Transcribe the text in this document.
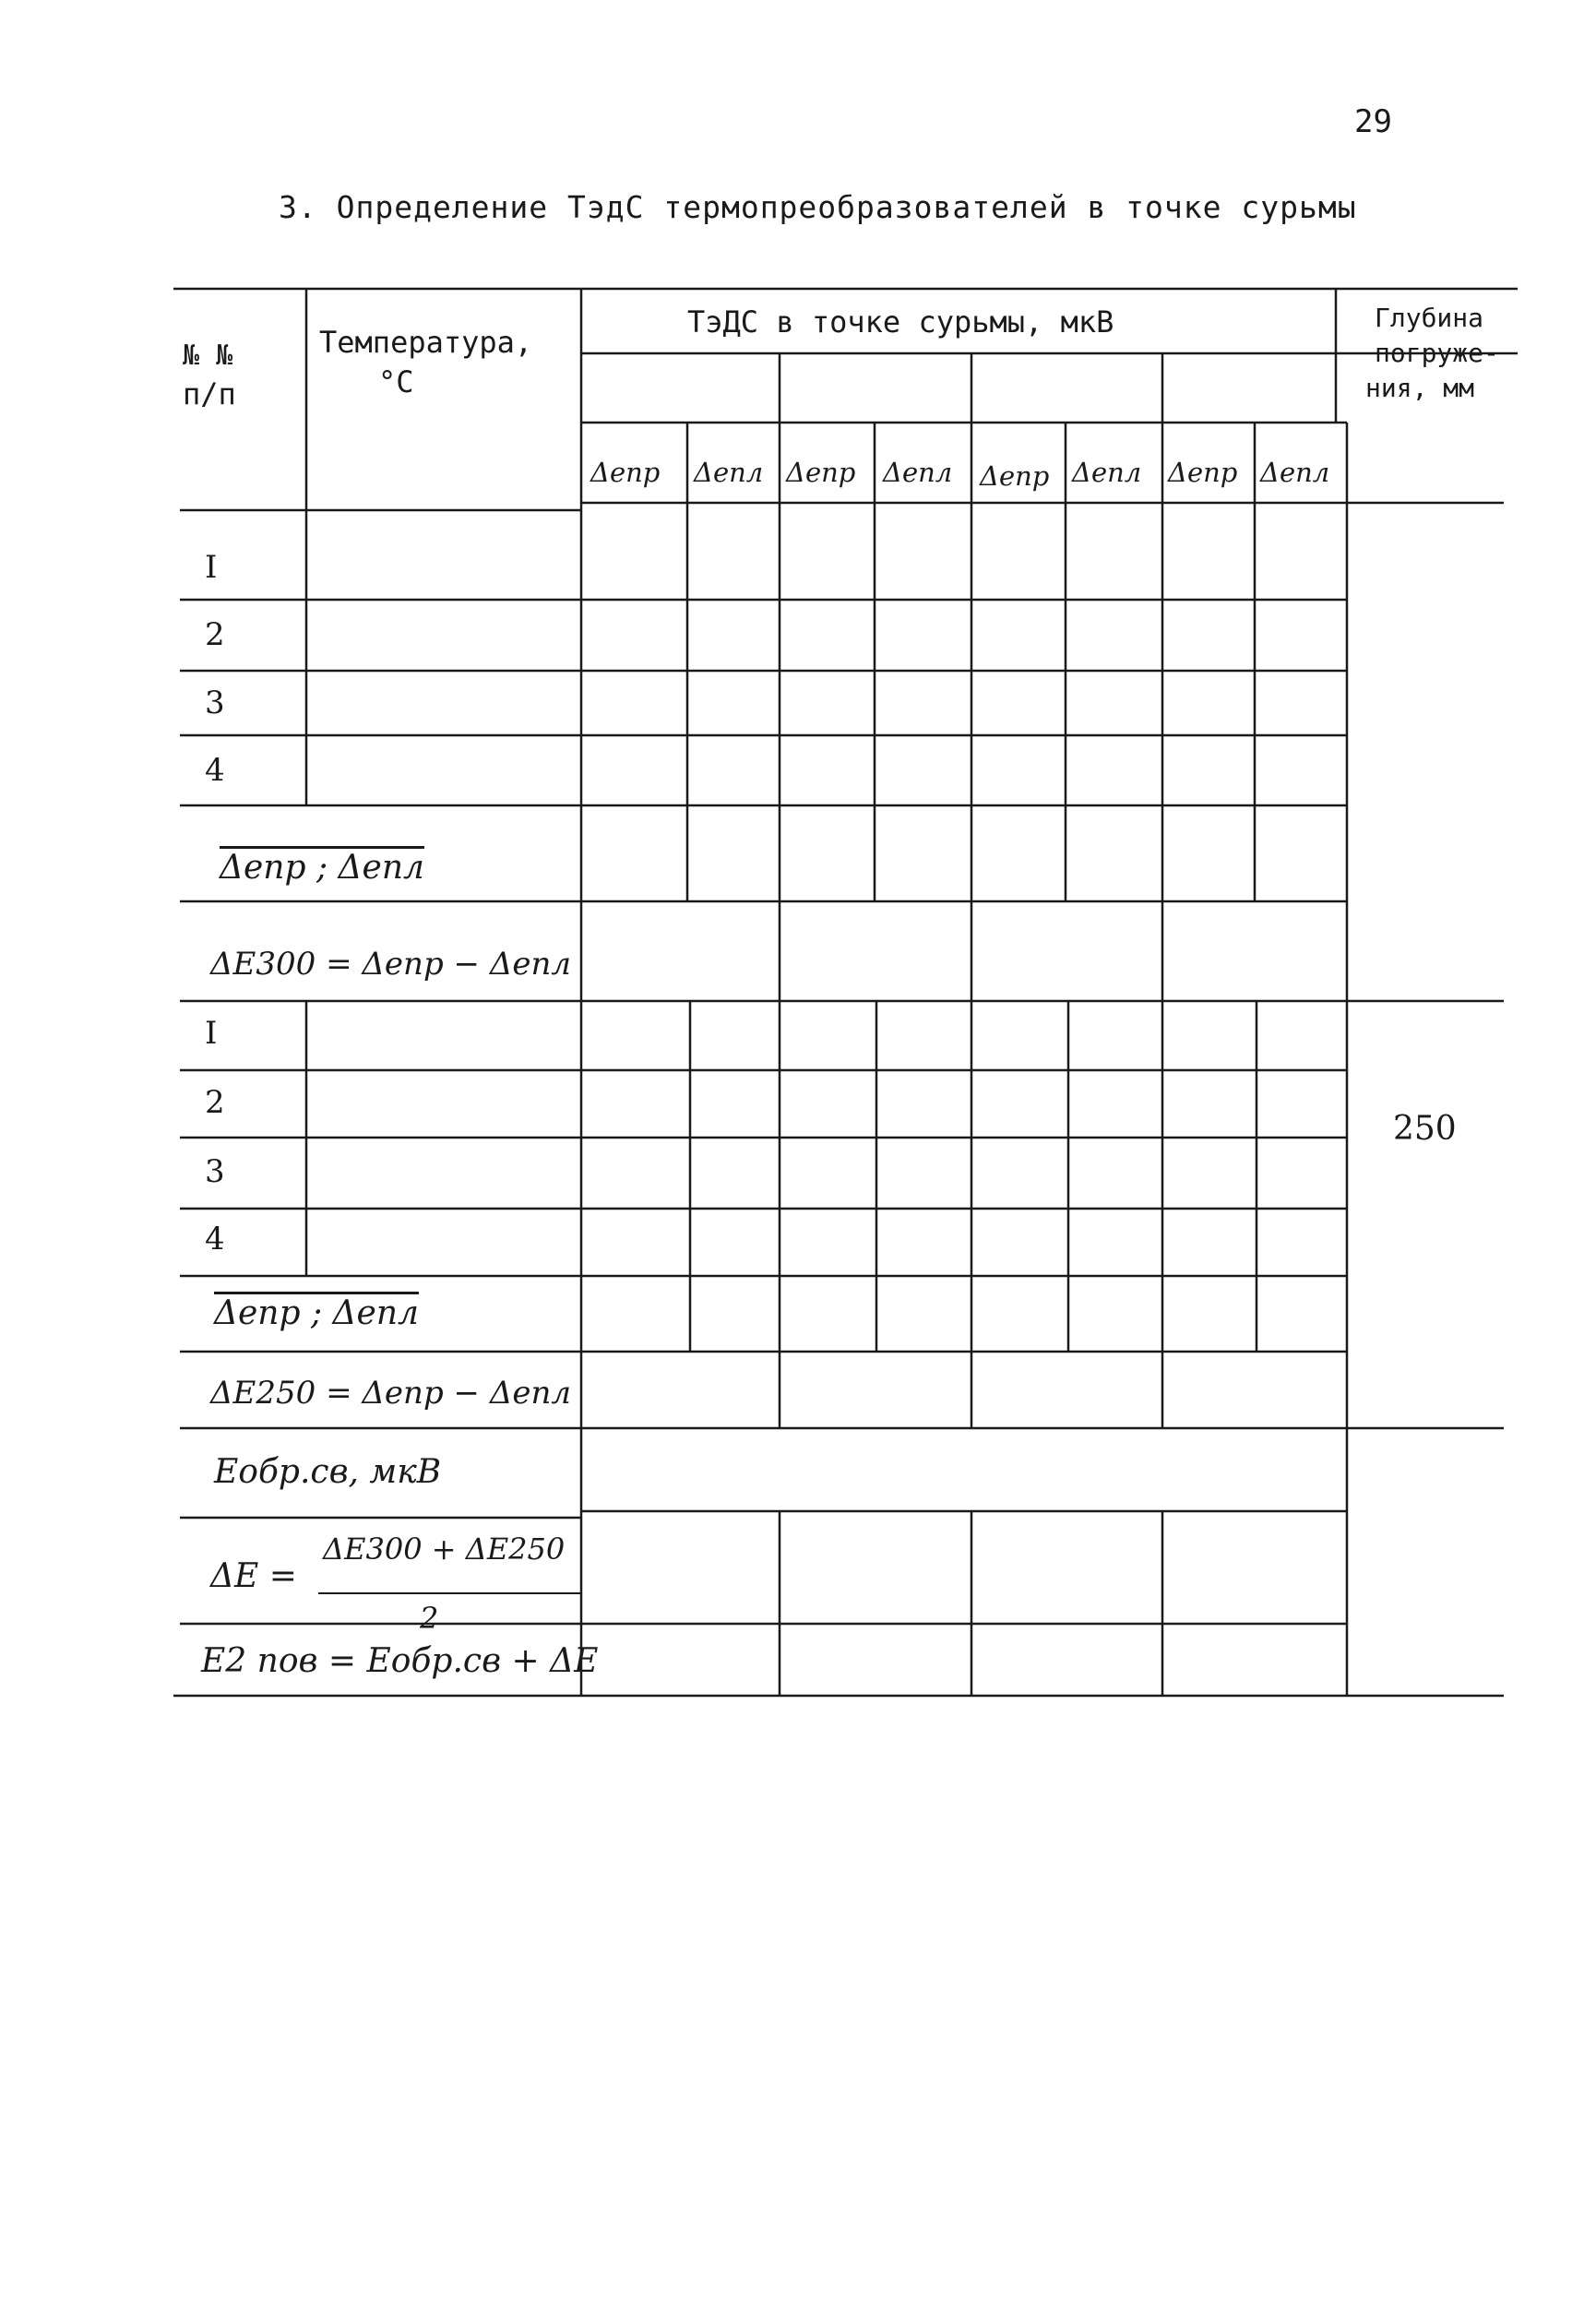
29
3. Определение ТэдС термопреобразователей в точке сурьмы
№ №
п/п
Температура,
°С
ТэДС в точке сурьмы, мкВ	Глубина
погруже-
ния, мм
Δeпр Δeпл Δeпр Δeпл Δeпр Δeпл Δeпр Δeпл
I
2
3
4
Δeпр ; Δeпл
ΔE300 = Δeпр − Δeпл
I
2
3
4
250
Δeпр ; Δeпл
ΔE250 = Δeпр − Δeпл
Eобр.св, мкВ
ΔE =
ΔE300 + ΔE250
2
E2 пов = Eобр.св + ΔE
